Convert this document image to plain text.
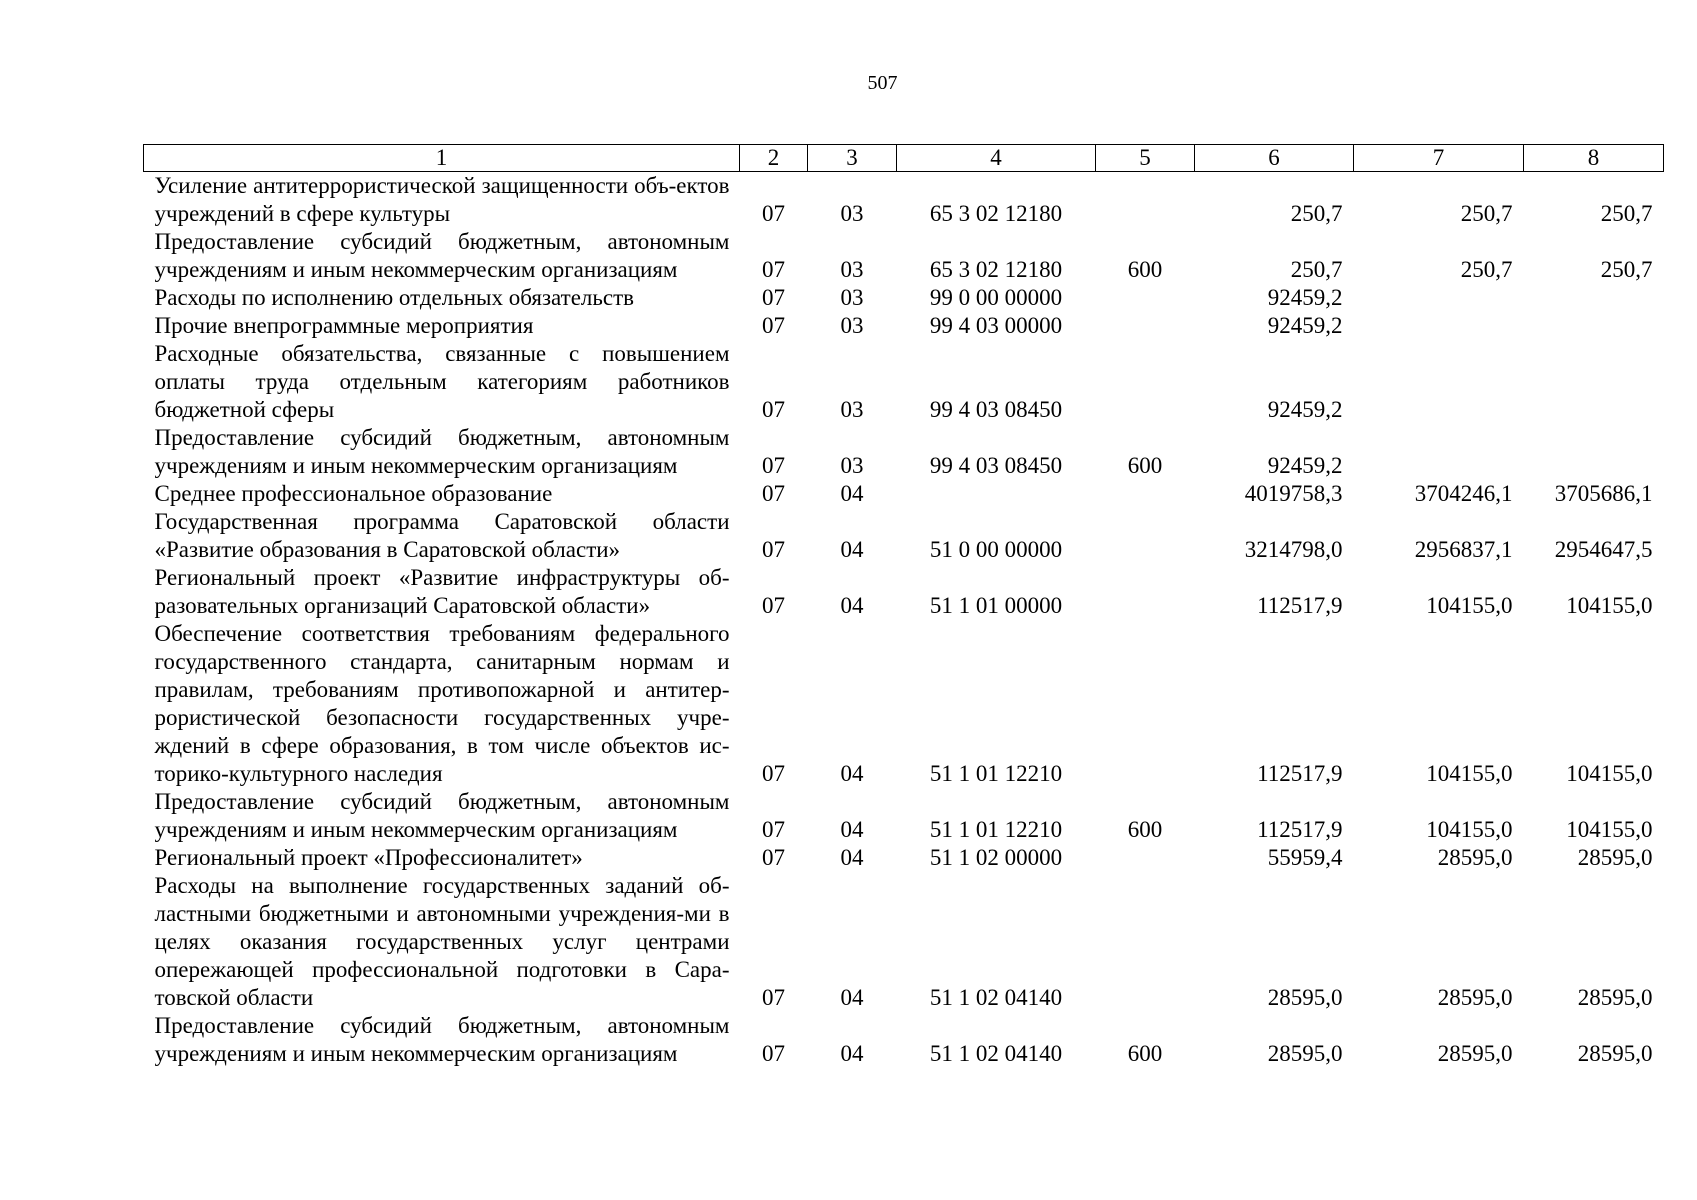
507
1	2	3	4	5	6	7	8
Усиление антитеррористической защищенности объ-ектов учреждений в сфере культуры	07	03	65 3 02 12180		250,7	250,7	250,7
Предоставление субсидий бюджетным, автономным учреждениям и иным некоммерческим организациям	07	03	65 3 02 12180	600	250,7	250,7	250,7
Расходы по исполнению отдельных обязательств	07	03	99 0 00 00000		92459,2		
Прочие внепрограммные мероприятия	07	03	99 4 03 00000		92459,2		
Расходные обязательства, связанные с повышением оплаты труда отдельным категориям работников бюджетной сферы	07	03	99 4 03 08450		92459,2		
Предоставление субсидий бюджетным, автономным учреждениям и иным некоммерческим организациям	07	03	99 4 03 08450	600	92459,2		
Среднее профессиональное образование	07	04			4019758,3	3704246,1	3705686,1
Государственная программа Саратовской области «Развитие образования в Саратовской области»	07	04	51 0 00 00000		3214798,0	2956837,1	2954647,5
Региональный проект «Развитие инфраструктуры об-разовательных организаций Саратовской области»	07	04	51 1 01 00000		112517,9	104155,0	104155,0
Обеспечение соответствия требованиям федерального государственного стандарта, санитарным нормам и правилам, требованиям противопожарной и антитер-рористической безопасности государственных учре-ждений в сфере образования, в том числе объектов ис-торико-культурного наследия	07	04	51 1 01 12210		112517,9	104155,0	104155,0
Предоставление субсидий бюджетным, автономным учреждениям и иным некоммерческим организациям	07	04	51 1 01 12210	600	112517,9	104155,0	104155,0
Региональный проект «Профессионалитет»	07	04	51 1 02 00000		55959,4	28595,0	28595,0
Расходы на выполнение государственных заданий об-ластными бюджетными и автономными учреждения-ми в целях оказания государственных услуг центрами опережающей профессиональной подготовки в Сара-товской области	07	04	51 1 02 04140		28595,0	28595,0	28595,0
Предоставление субсидий бюджетным, автономным учреждениям и иным некоммерческим организациям	07	04	51 1 02 04140	600	28595,0	28595,0	28595,0
